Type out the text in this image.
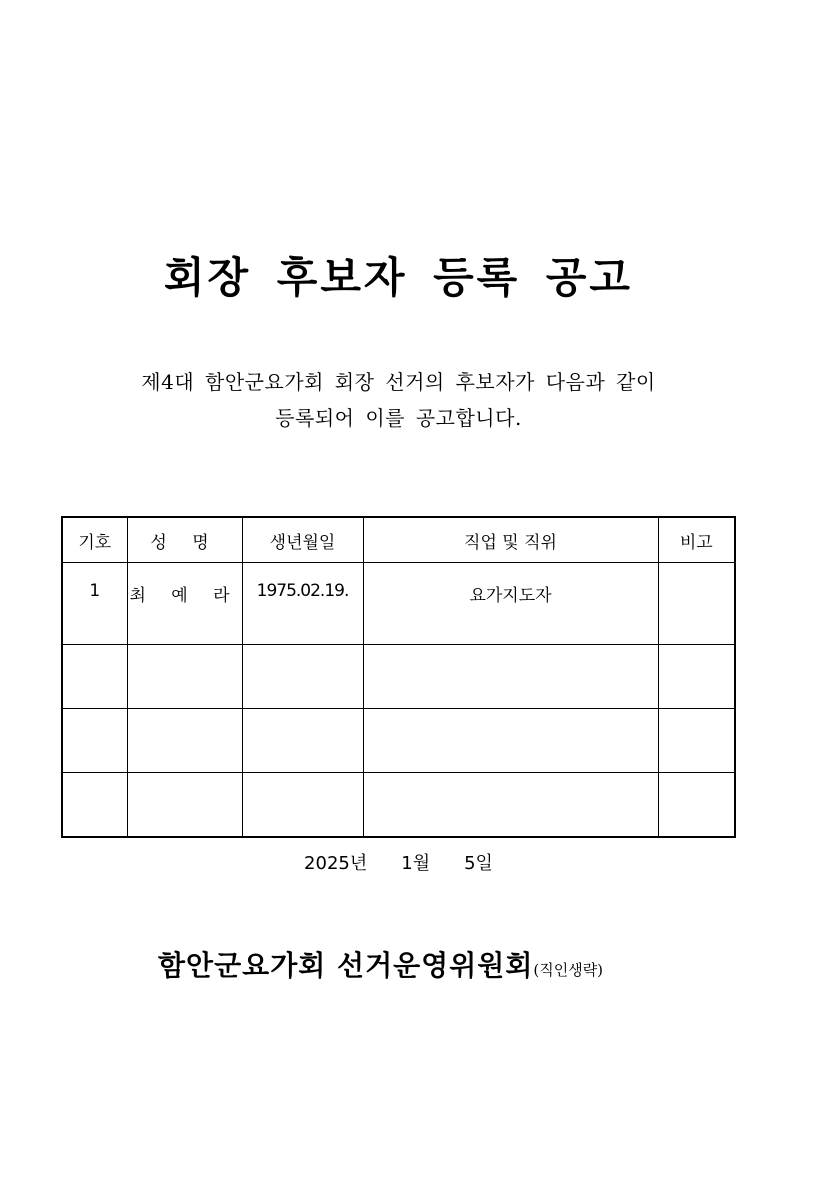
회장 후보자 등록 공고
제4대 함안군요가회 회장 선거의 후보자가 다음과 같이
등록되어 이를 공고합니다.
기호	성 명	생년월일	직업 및 직위	비고
1	최 예 라	1975.02.19.	요가지도자	

2025년 1월 5일
함안군요가회 선거운영위원회(직인생략)
